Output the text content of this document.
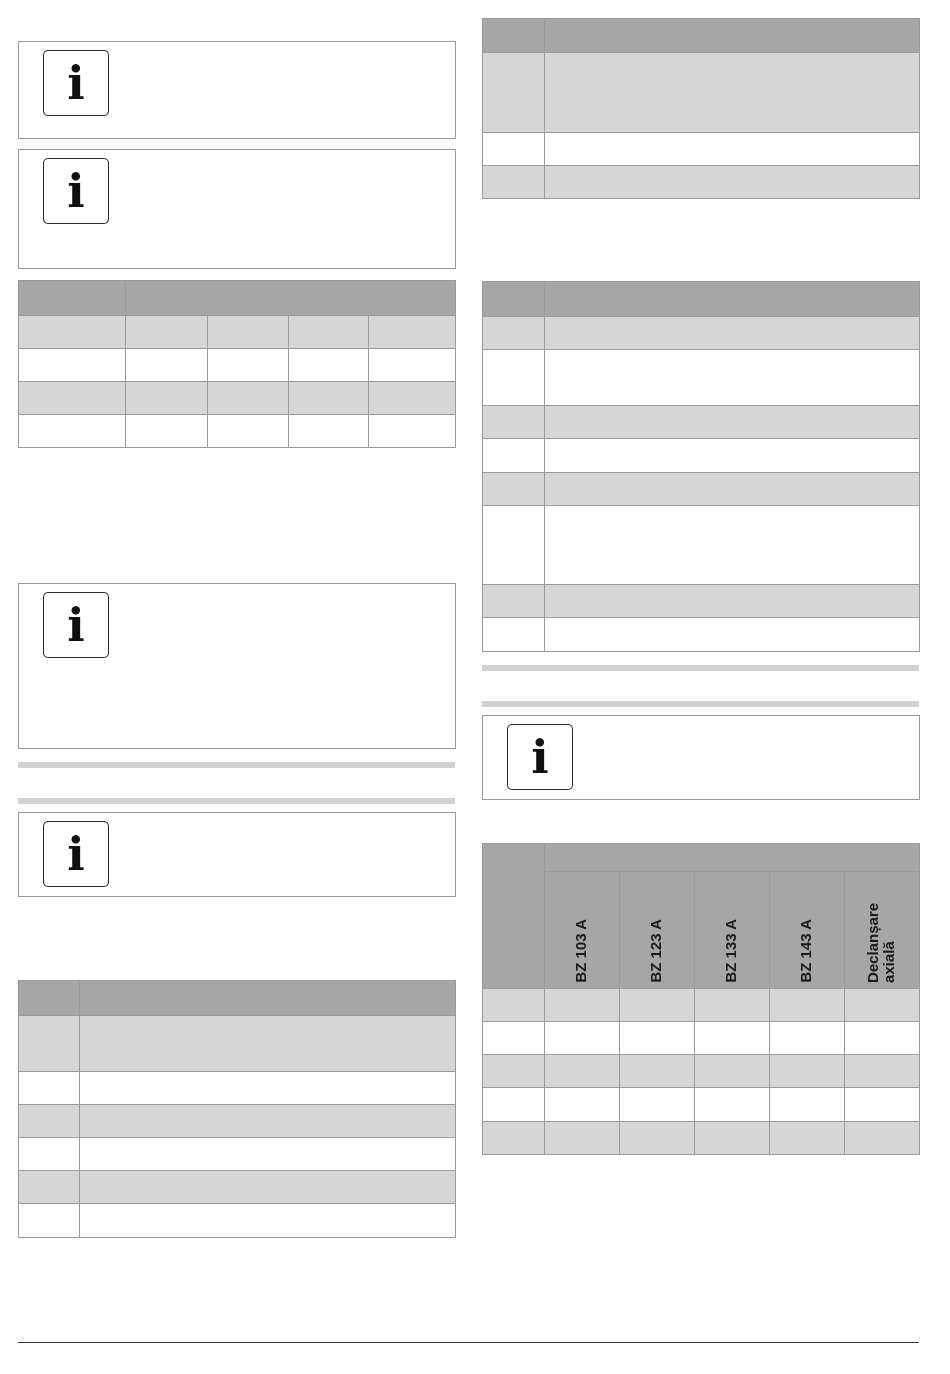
i
i

i
i

i

	BZ 103 A	BZ 123 A	BZ 133 A	BZ 143 A	Declanșare axială
